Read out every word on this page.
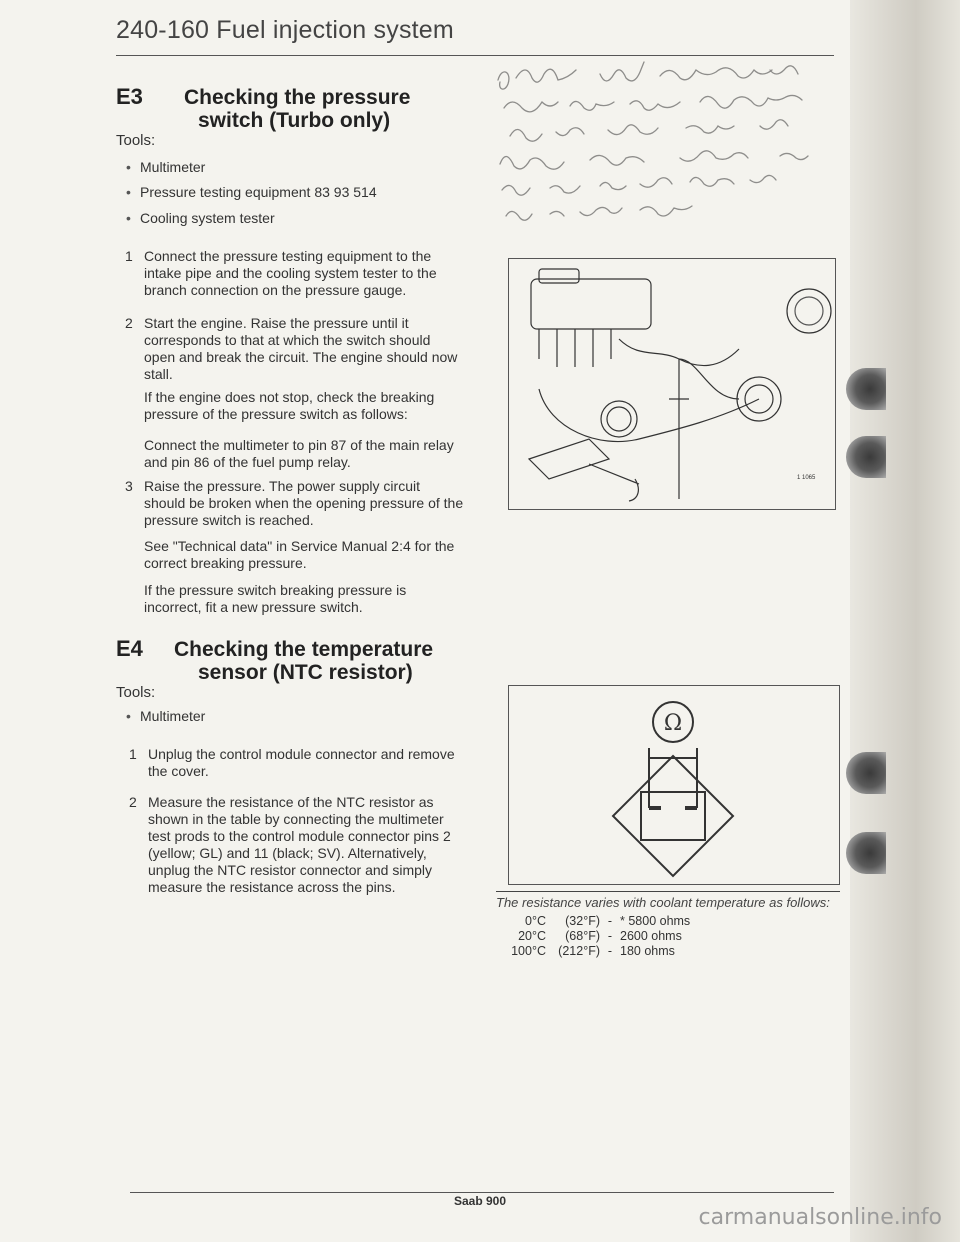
240-160 Fuel injection system
E3 Checking the pressure
switch (Turbo only)
Tools:
• Multimeter
• Pressure testing equipment 83 93 514
• Cooling system tester
1 Connect the pressure testing equipment to the intake pipe and the cooling system tester to the branch connection on the pressure gauge.
2 Start the engine. Raise the pressure until it corresponds to that at which the switch should open and break the circuit. The engine should now stall.
If the engine does not stop, check the breaking pressure of the pressure switch as follows:
Connect the multimeter to pin 87 of the main relay and pin 86 of the fuel pump relay.
3 Raise the pressure. The power supply circuit should be broken when the opening pressure of the pressure switch is reached.
See "Technical data" in Service Manual 2:4 for the correct breaking pressure.
If the pressure switch breaking pressure is incorrect, fit a new pressure switch.
E4 Checking the temperature
sensor (NTC resistor)
Tools:
• Multimeter
1 Unplug the control module connector and remove the cover.
2 Measure the resistance of the NTC resistor as shown in the table by connecting the multimeter test prods to the control module connector pins 2 (yellow; GL) and 11 (black; SV). Alternatively, unplug the NTC resistor connector and simply measure the resistance across the pins.
1 1065
Ω
The resistance varies with coolant temperature as follows:
0°C	(32°F) - * 5800 ohms
20°C	(68°F) - 2600 ohms
100°C (212°F) - 180 ohms
Saab 900
carmanualsonline.info
